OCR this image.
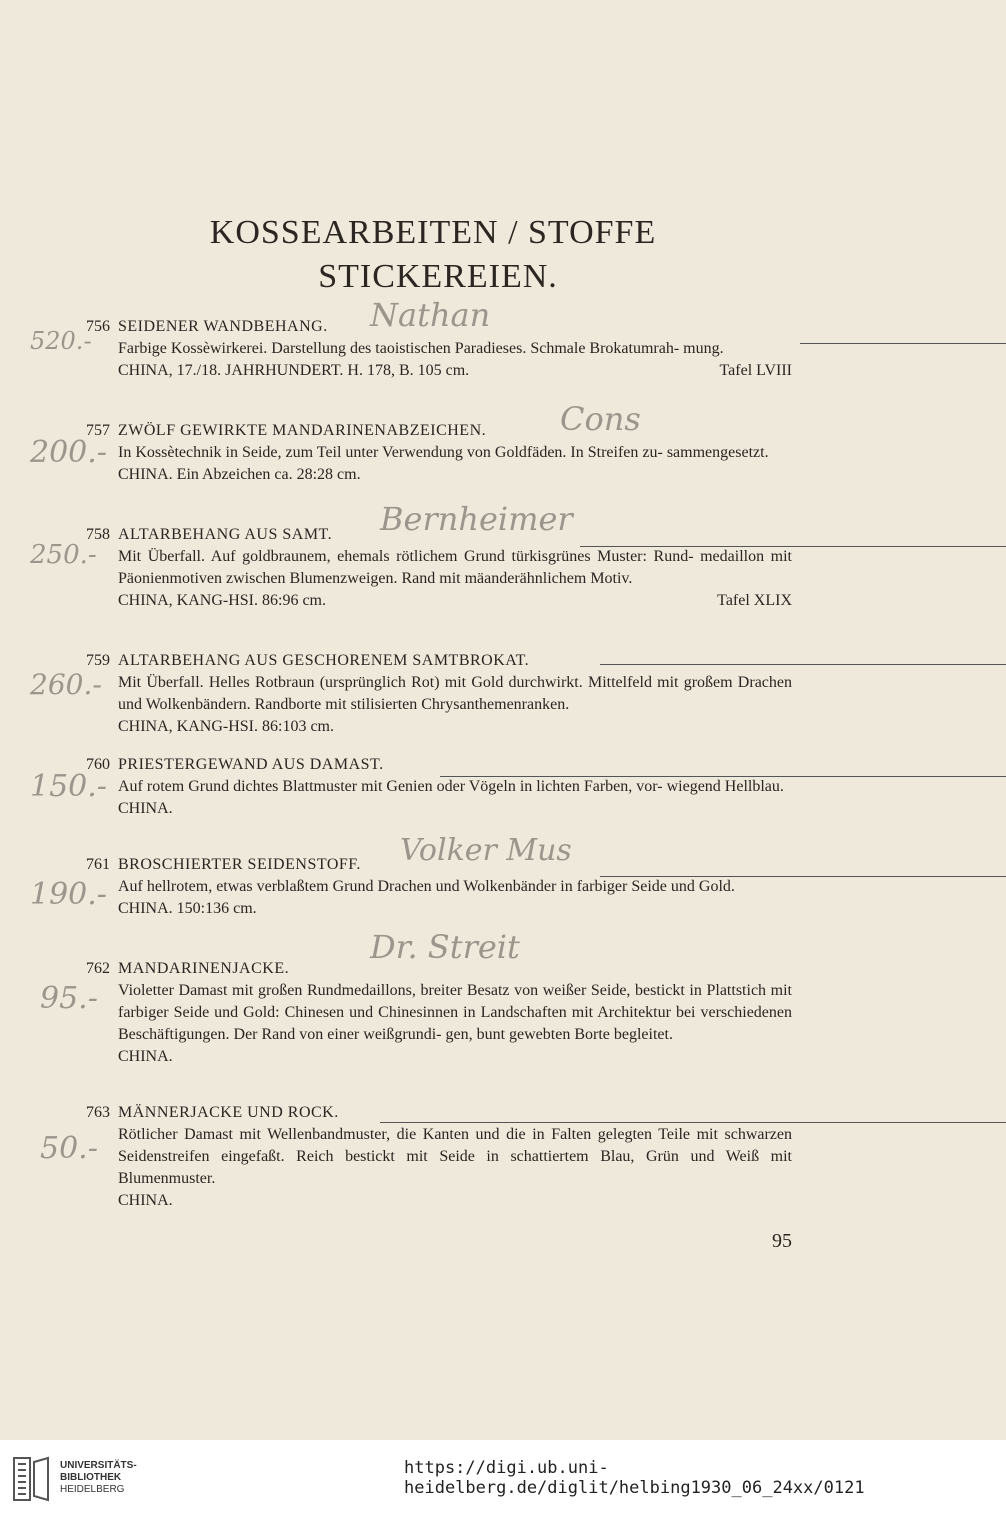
KOSSEARBEITEN / STOFFE
STICKEREIEN.
756 SEIDENER WANDBEHANG.

Farbige Kossèwirkerei. Darstellung des taoistischen Paradieses. Schmale Brokatumrah- mung.

CHINA, 17./18. JAHRHUNDERT. H. 178, B. 105 cm.	Tafel LVIII
Nathan
520.-
757 ZWÖLF GEWIRKTE MANDARINENABZEICHEN.

In Kossètechnik in Seide, zum Teil unter Verwendung von Goldfäden. In Streifen zu- sammengesetzt.

CHINA. Ein Abzeichen ca. 28:28 cm.
Cons
200.-
758 ALTARBEHANG AUS SAMT.

Mit Überfall. Auf goldbraunem, ehemals rötlichem Grund türkisgrünes Muster: Rund- medaillon mit Päonienmotiven zwischen Blumenzweigen. Rand mit mäanderähnlichem Motiv.

CHINA, KANG-HSI. 86:96 cm.	Tafel XLIX
Bernheimer
250.-
759 ALTARBEHANG AUS GESCHORENEM SAMTBROKAT.

Mit Überfall. Helles Rotbraun (ursprünglich Rot) mit Gold durchwirkt. Mittelfeld mit großem Drachen und Wolkenbändern. Randborte mit stilisierten Chrysanthemenranken.

CHINA, KANG-HSI. 86:103 cm.
260.-
760 PRIESTERGEWAND AUS DAMAST.

Auf rotem Grund dichtes Blattmuster mit Genien oder Vögeln in lichten Farben, vor- wiegend Hellblau.

CHINA.
150.-
761 BROSCHIERTER SEIDENSTOFF.

Auf hellrotem, etwas verblaßtem Grund Drachen und Wolkenbänder in farbiger Seide und Gold.

CHINA. 150:136 cm.
Volker Mus
190.-
762 MANDARINENJACKE.

Violetter Damast mit großen Rundmedaillons, breiter Besatz von weißer Seide, bestickt in Plattstich mit farbiger Seide und Gold: Chinesen und Chinesinnen in Landschaften mit Architektur bei verschiedenen Beschäftigungen. Der Rand von einer weißgrundi- gen, bunt gewebten Borte begleitet.

CHINA.
Dr. Streit
95.-
763 MÄNNERJACKE UND ROCK.

Rötlicher Damast mit Wellenbandmuster, die Kanten und die in Falten gelegten Teile mit schwarzen Seidenstreifen eingefaßt. Reich bestickt mit Seide in schattiertem Blau, Grün und Weiß mit Blumenmuster.

CHINA.
50.-
95
UNIVERSITÄTS-
BIBLIOTHEK
HEIDELBERG
https://digi.ub.uni-heidelberg.de/diglit/helbing1930_06_24xx/0121
